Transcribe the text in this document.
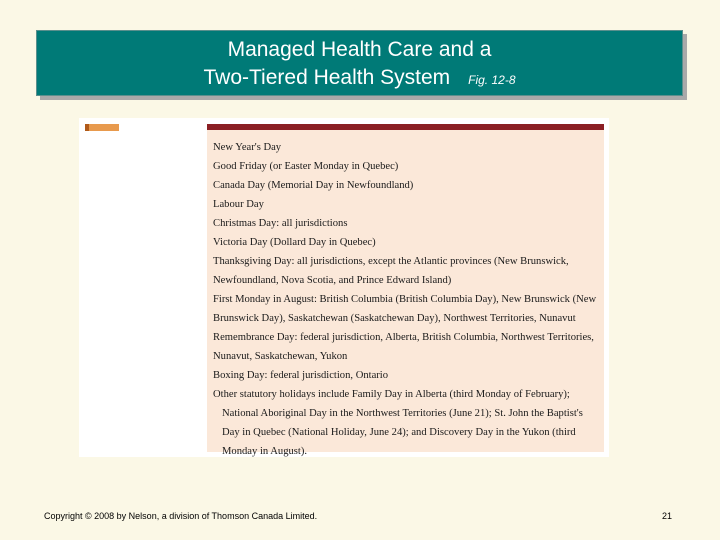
Managed Health Care and a
Two-Tiered Health System Fig. 12-8
New Year's Day
Good Friday (or Easter Monday in Quebec)
Canada Day (Memorial Day in Newfoundland)
Labour Day
Christmas Day: all jurisdictions
Victoria Day (Dollard Day in Quebec)
Thanksgiving Day: all jurisdictions, except the Atlantic provinces (New Brunswick, Newfoundland, Nova Scotia, and Prince Edward Island)
First Monday in August: British Columbia (British Columbia Day), New Brunswick (New Brunswick Day), Saskatchewan (Saskatchewan Day), Northwest Territories, Nunavut
Remembrance Day: federal jurisdiction, Alberta, British Columbia, Northwest Territories, Nunavut, Saskatchewan, Yukon
Boxing Day: federal jurisdiction, Ontario
Other statutory holidays include Family Day in Alberta (third Monday of February); National Aboriginal Day in the Northwest Territories (June 21); St. John the Baptist's Day in Quebec (National Holiday, June 24); and Discovery Day in the Yukon (third Monday in August).
Copyright © 2008 by Nelson, a division of Thomson Canada Limited.	21
